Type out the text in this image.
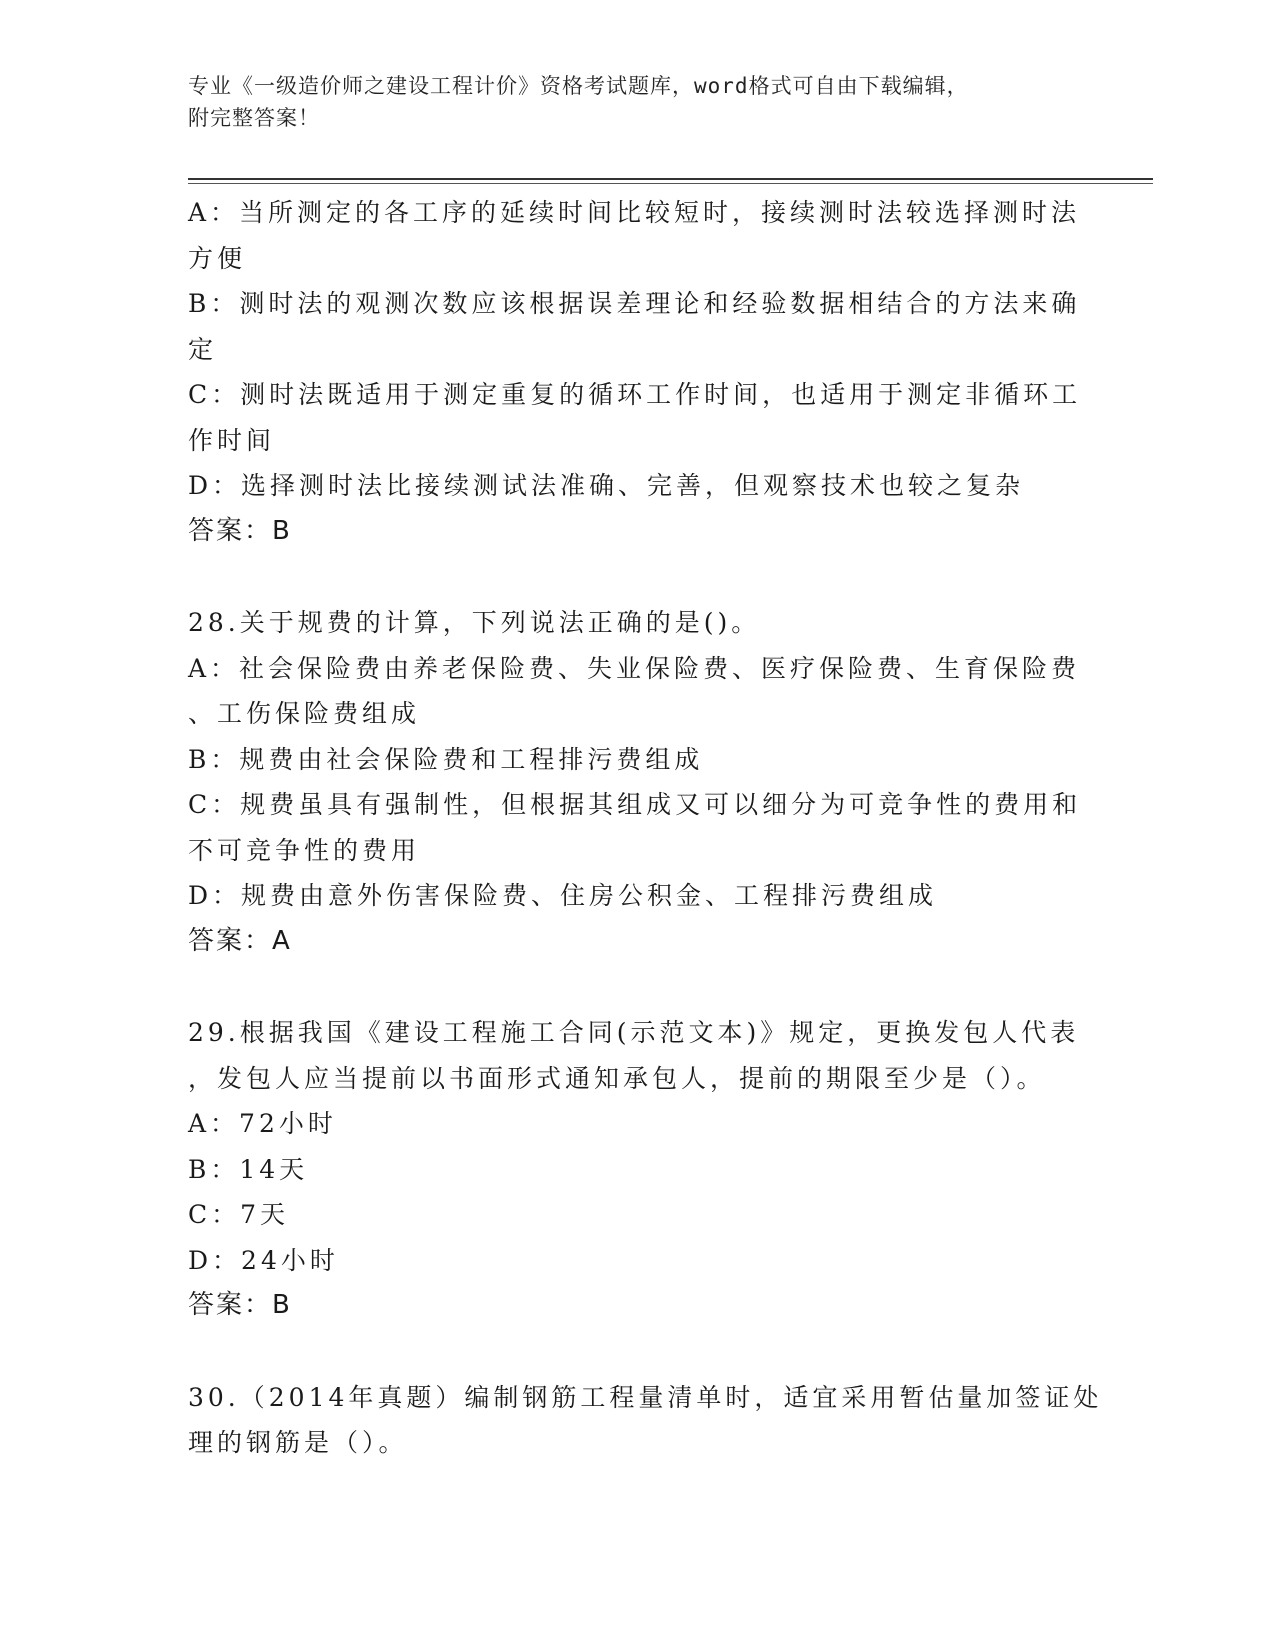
专业《一级造价师之建设工程计价》资格考试题库，word格式可自由下载编辑，
附完整答案！
A：当所测定的各工序的延续时间比较短时，接续测时法较选择测时法
方便
B：测时法的观测次数应该根据误差理论和经验数据相结合的方法来确
定
C：测时法既适用于测定重复的循环工作时间，也适用于测定非循环工
作时间
D：选择测时法比接续测试法准确、完善，但观察技术也较之复杂
答案：B
28.关于规费的计算，下列说法正确的是()。
A：社会保险费由养老保险费、失业保险费、医疗保险费、生育保险费
、工伤保险费组成
B：规费由社会保险费和工程排污费组成
C：规费虽具有强制性，但根据其组成又可以细分为可竞争性的费用和
不可竞争性的费用
D：规费由意外伤害保险费、住房公积金、工程排污费组成
答案：A
29.根据我国《建设工程施工合同(示范文本)》规定，更换发包人代表
，发包人应当提前以书面形式通知承包人，提前的期限至少是（）。
A：72小时
B：14天
C：7天
D：24小时
答案：B
30.（2014年真题）编制钢筋工程量清单时，适宜采用暂估量加签证处
理的钢筋是（）。
